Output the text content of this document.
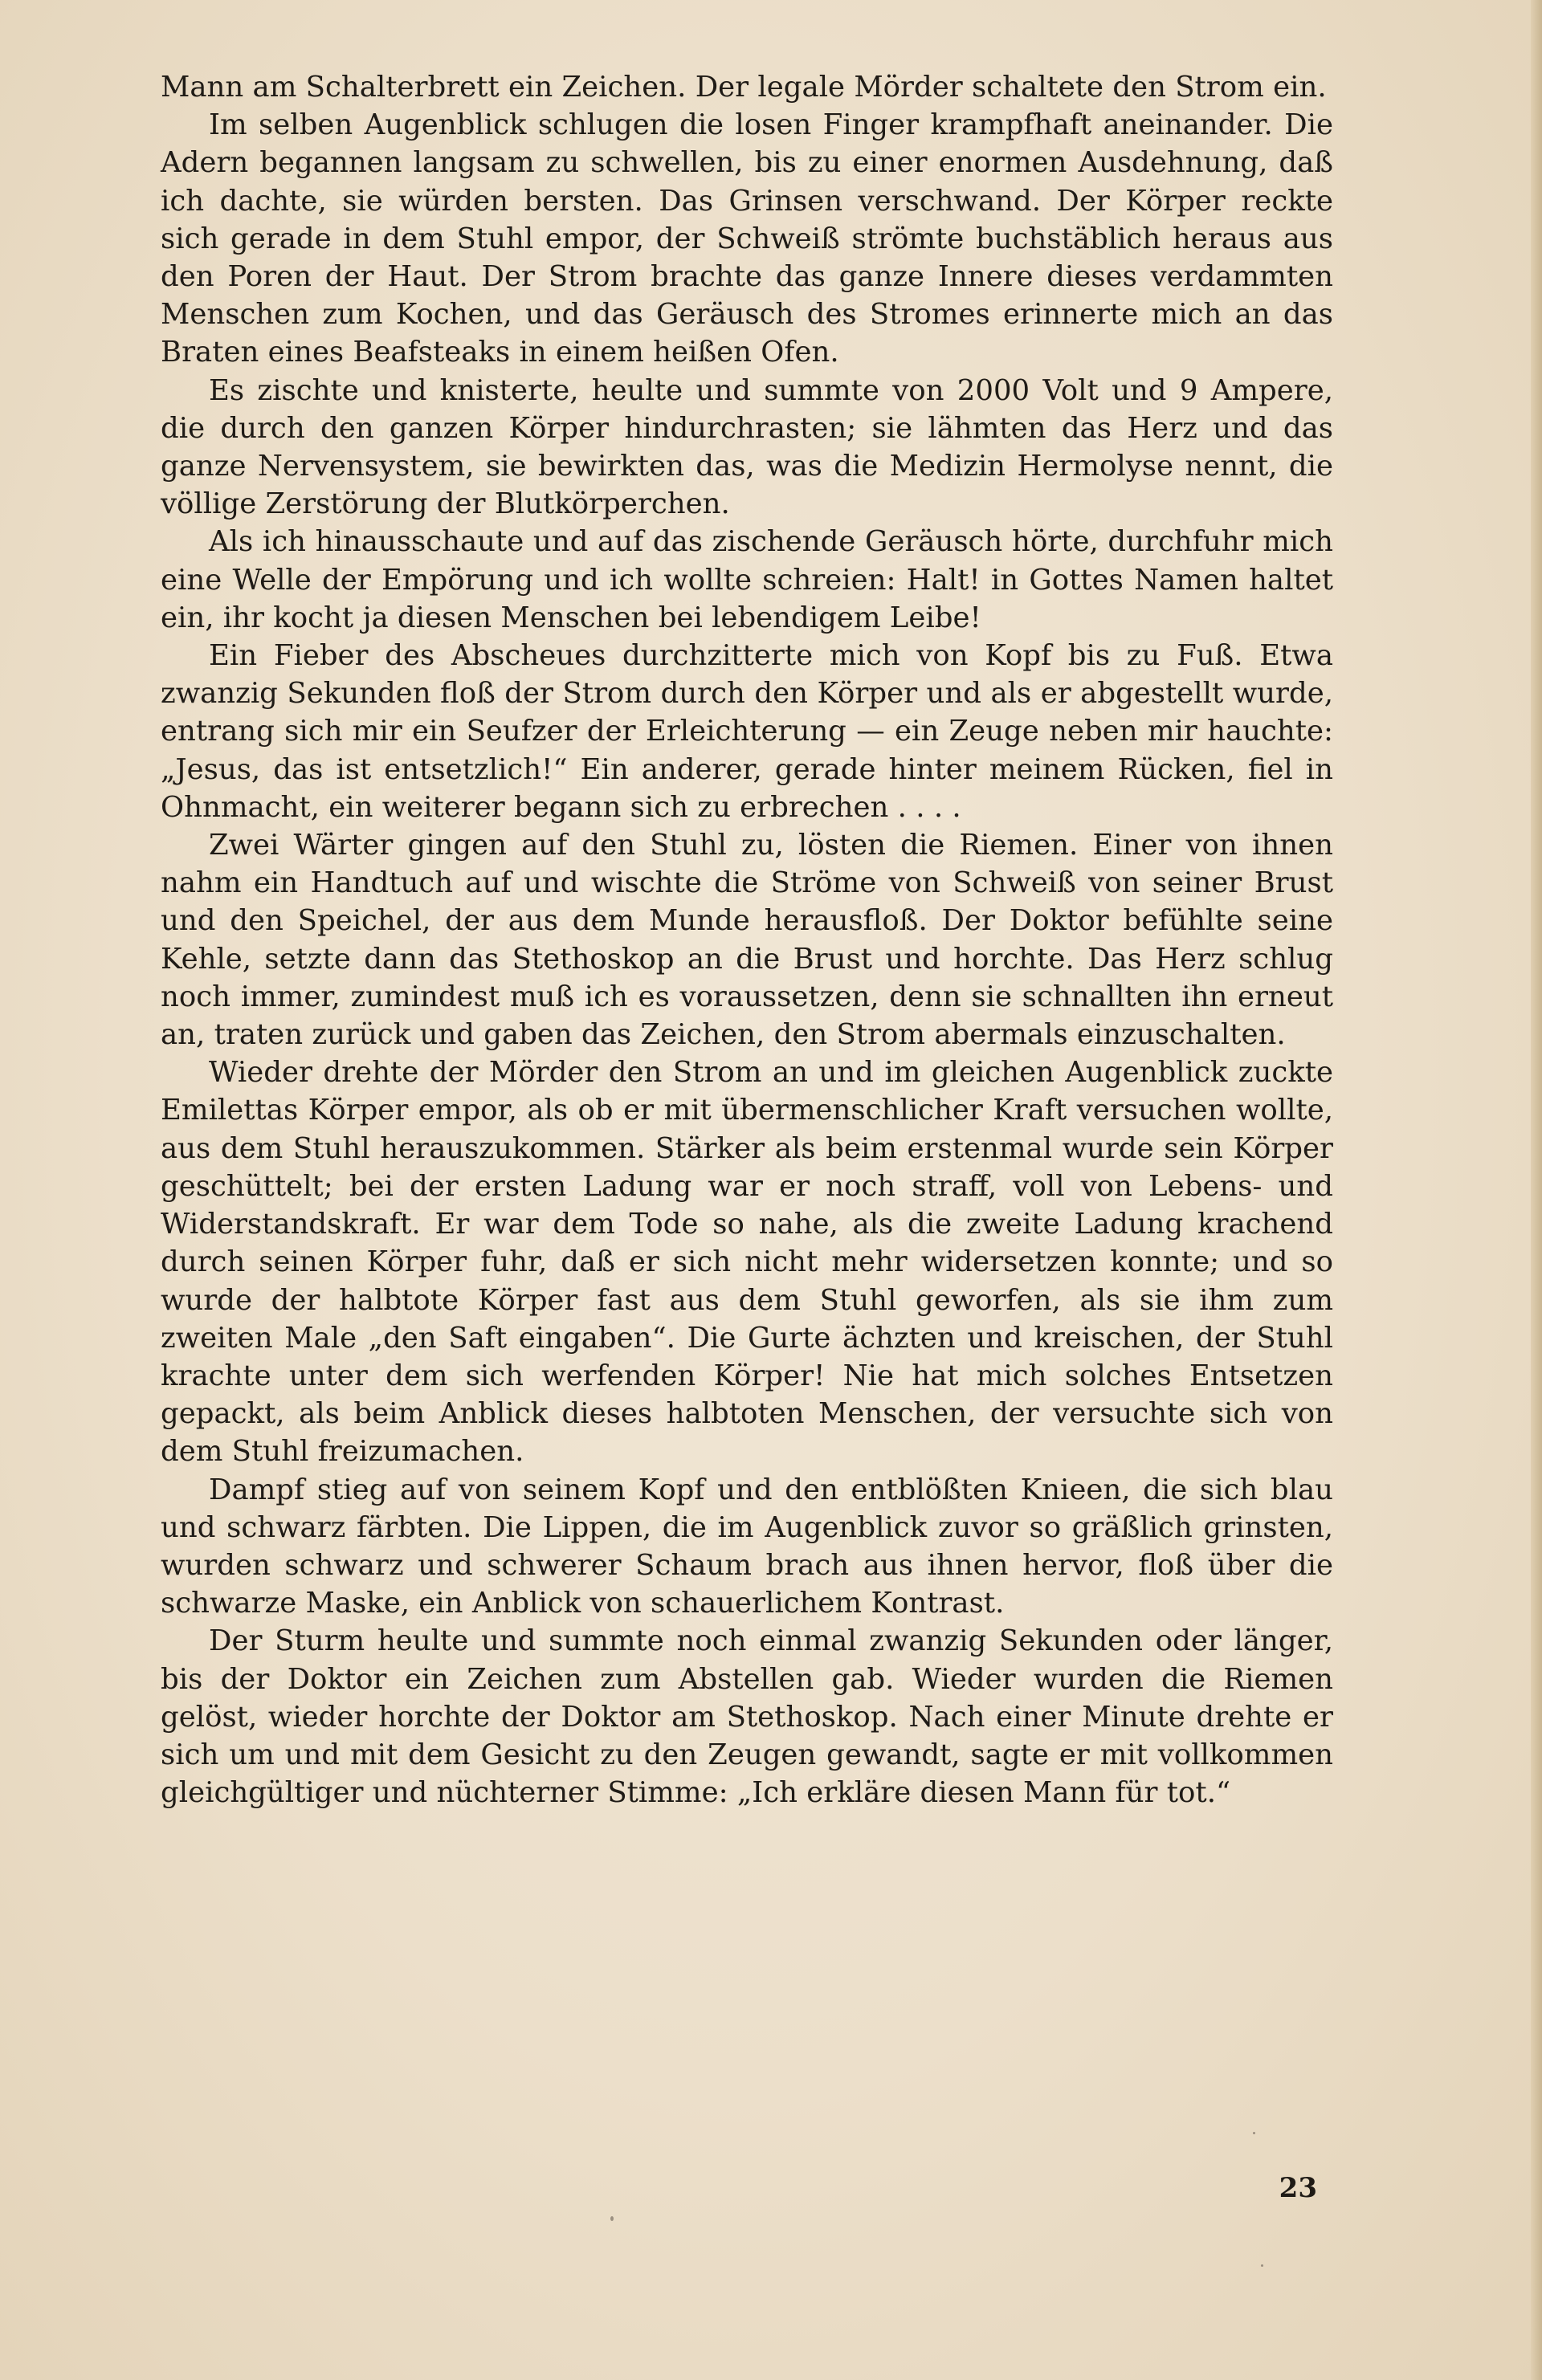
Mann am Schalterbrett ein Zeichen. Der legale Mörder schaltete den Strom ein.

Im selben Augenblick schlugen die losen Finger krampfhaft aneinander. Die Adern begannen langsam zu schwellen, bis zu einer enormen Ausdehnung, daß ich dachte, sie würden bersten. Das Grinsen verschwand. Der Körper reckte sich gerade in dem Stuhl empor, der Schweiß strömte buchstäblich heraus aus den Poren der Haut. Der Strom brachte das ganze Innere dieses verdammten Menschen zum Kochen, und das Geräusch des Stromes erinnerte mich an das Braten eines Beafsteaks in einem heißen Ofen.

Es zischte und knisterte, heulte und summte von 2000 Volt und 9 Ampere, die durch den ganzen Körper hindurchrasten; sie lähmten das Herz und das ganze Nervensystem, sie bewirkten das, was die Medizin Hermolyse nennt, die völlige Zerstörung der Blutkörperchen.

Als ich hinausschaute und auf das zischende Geräusch hörte, durchfuhr mich eine Welle der Empörung und ich wollte schreien: Halt! in Gottes Namen haltet ein, ihr kocht ja diesen Menschen bei lebendigem Leibe!

Ein Fieber des Abscheues durchzitterte mich von Kopf bis zu Fuß. Etwa zwanzig Sekunden floß der Strom durch den Körper und als er abgestellt wurde, entrang sich mir ein Seufzer der Erleichterung — ein Zeuge neben mir hauchte: „Jesus, das ist entsetzlich!“ Ein anderer, gerade hinter meinem Rücken, fiel in Ohnmacht, ein weiterer begann sich zu erbrechen . . . .

Zwei Wärter gingen auf den Stuhl zu, lösten die Riemen. Einer von ihnen nahm ein Handtuch auf und wischte die Ströme von Schweiß von seiner Brust und den Speichel, der aus dem Munde herausfloß. Der Doktor befühlte seine Kehle, setzte dann das Stethoskop an die Brust und horchte. Das Herz schlug noch immer, zumindest muß ich es voraussetzen, denn sie schnallten ihn erneut an, traten zurück und gaben das Zeichen, den Strom abermals einzuschalten.

Wieder drehte der Mörder den Strom an und im gleichen Augenblick zuckte Emilettas Körper empor, als ob er mit übermenschlicher Kraft versuchen wollte, aus dem Stuhl herauszukommen. Stärker als beim erstenmal wurde sein Körper geschüttelt; bei der ersten Ladung war er noch straff, voll von Lebens- und Widerstandskraft. Er war dem Tode so nahe, als die zweite Ladung krachend durch seinen Körper fuhr, daß er sich nicht mehr widersetzen konnte; und so wurde der halbtote Körper fast aus dem Stuhl geworfen, als sie ihm zum zweiten Male „den Saft eingaben“. Die Gurte ächzten und kreischen, der Stuhl krachte unter dem sich werfenden Körper! Nie hat mich solches Entsetzen gepackt, als beim Anblick dieses halbtoten Menschen, der versuchte sich von dem Stuhl freizumachen.

Dampf stieg auf von seinem Kopf und den entblößten Knieen, die sich blau und schwarz färbten. Die Lippen, die im Augenblick zuvor so gräßlich grinsten, wurden schwarz und schwerer Schaum brach aus ihnen hervor, floß über die schwarze Maske, ein Anblick von schauerlichem Kontrast.

Der Sturm heulte und summte noch einmal zwanzig Sekunden oder länger, bis der Doktor ein Zeichen zum Abstellen gab. Wieder wurden die Riemen gelöst, wieder horchte der Doktor am Stethoskop. Nach einer Minute drehte er sich um und mit dem Gesicht zu den Zeugen gewandt, sagte er mit vollkommen gleichgültiger und nüchterner Stimme: „Ich erkläre diesen Mann für tot.“

23
